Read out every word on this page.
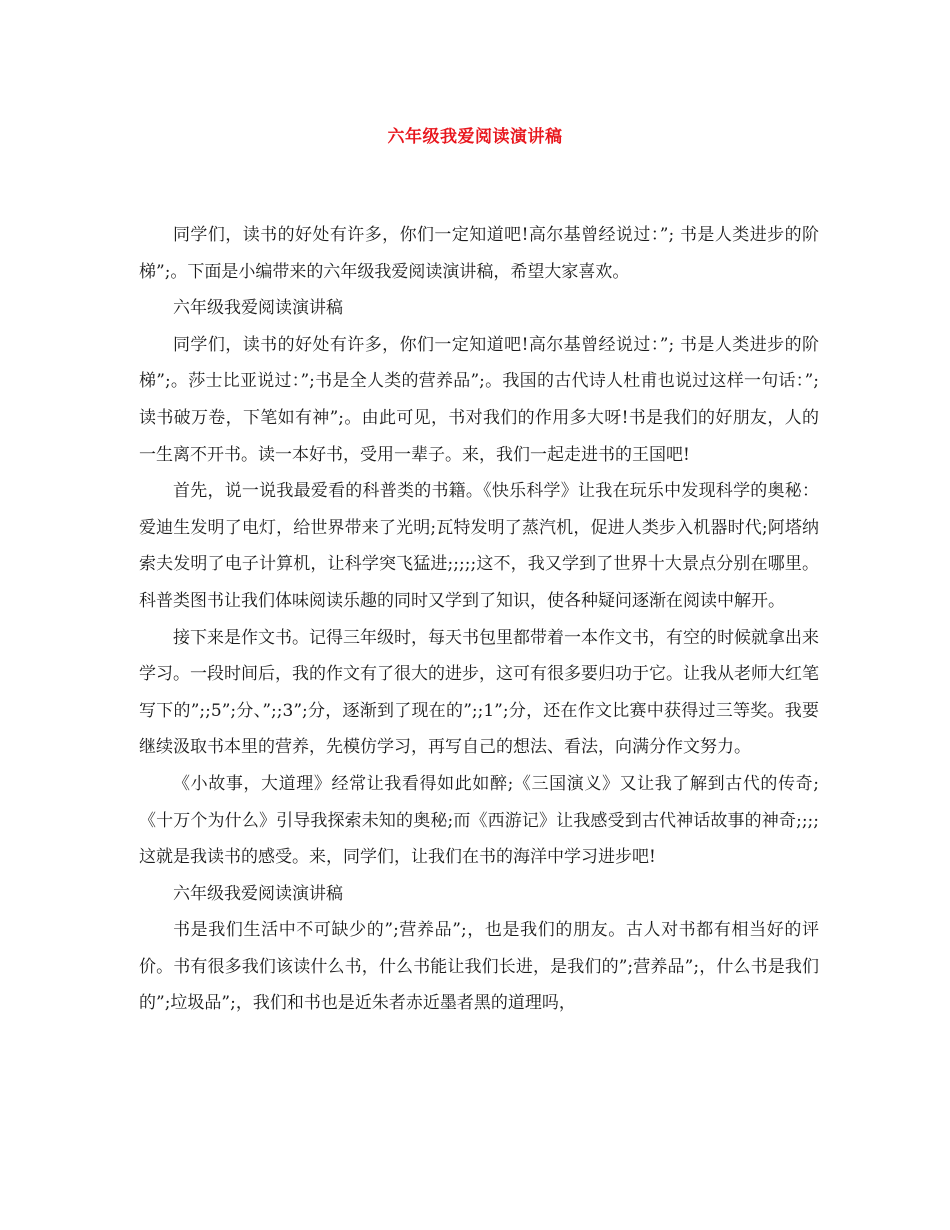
六年级我爱阅读演讲稿

同学们，读书的好处有许多，你们一定知道吧!高尔基曾经说过：”; 书是人类进步的阶梯”;。下面是小编带来的六年级我爱阅读演讲稿，希望大家喜欢。

六年级我爱阅读演讲稿

同学们，读书的好处有许多，你们一定知道吧!高尔基曾经说过：”; 书是人类进步的阶梯”;。莎士比亚说过：”;书是全人类的营养品”;。我国的古代诗人杜甫也说过这样一句话：”;读书破万卷，下笔如有神”;。由此可见，书对我们的作用多大呀!书是我们的好朋友，人的一生离不开书。读一本好书，受用一辈子。来，我们一起走进书的王国吧!

首先，说一说我最爱看的科普类的书籍。《快乐科学》让我在玩乐中发现科学的奥秘：爱迪生发明了电灯，给世界带来了光明;瓦特发明了蒸汽机，促进人类步入机器时代;阿塔纳索夫发明了电子计算机，让科学突飞猛进;;;;;这不，我又学到了世界十大景点分别在哪里。科普类图书让我们体味阅读乐趣的同时又学到了知识，使各种疑问逐渐在阅读中解开。

接下来是作文书。记得三年级时，每天书包里都带着一本作文书，有空的时候就拿出来学习。一段时间后，我的作文有了很大的进步，这可有很多要归功于它。让我从老师大红笔写下的”;;5”;分、”;;3”;分，逐渐到了现在的”;;1”;分，还在作文比赛中获得过三等奖。我要继续汲取书本里的营养，先模仿学习，再写自己的想法、看法，向满分作文努力。

《小故事，大道理》经常让我看得如此如醉;《三国演义》又让我了解到古代的传奇;《十万个为什么》引导我探索未知的奥秘;而《西游记》让我感受到古代神话故事的神奇;;;;这就是我读书的感受。来，同学们，让我们在书的海洋中学习进步吧!

六年级我爱阅读演讲稿

书是我们生活中不可缺少的”;营养品”;，也是我们的朋友。古人对书都有相当好的评价。书有很多我们该读什么书，什么书能让我们长进，是我们的”;营养品”;，什么书是我们的”;垃圾品”;，我们和书也是近朱者赤近墨者黑的道理吗，
